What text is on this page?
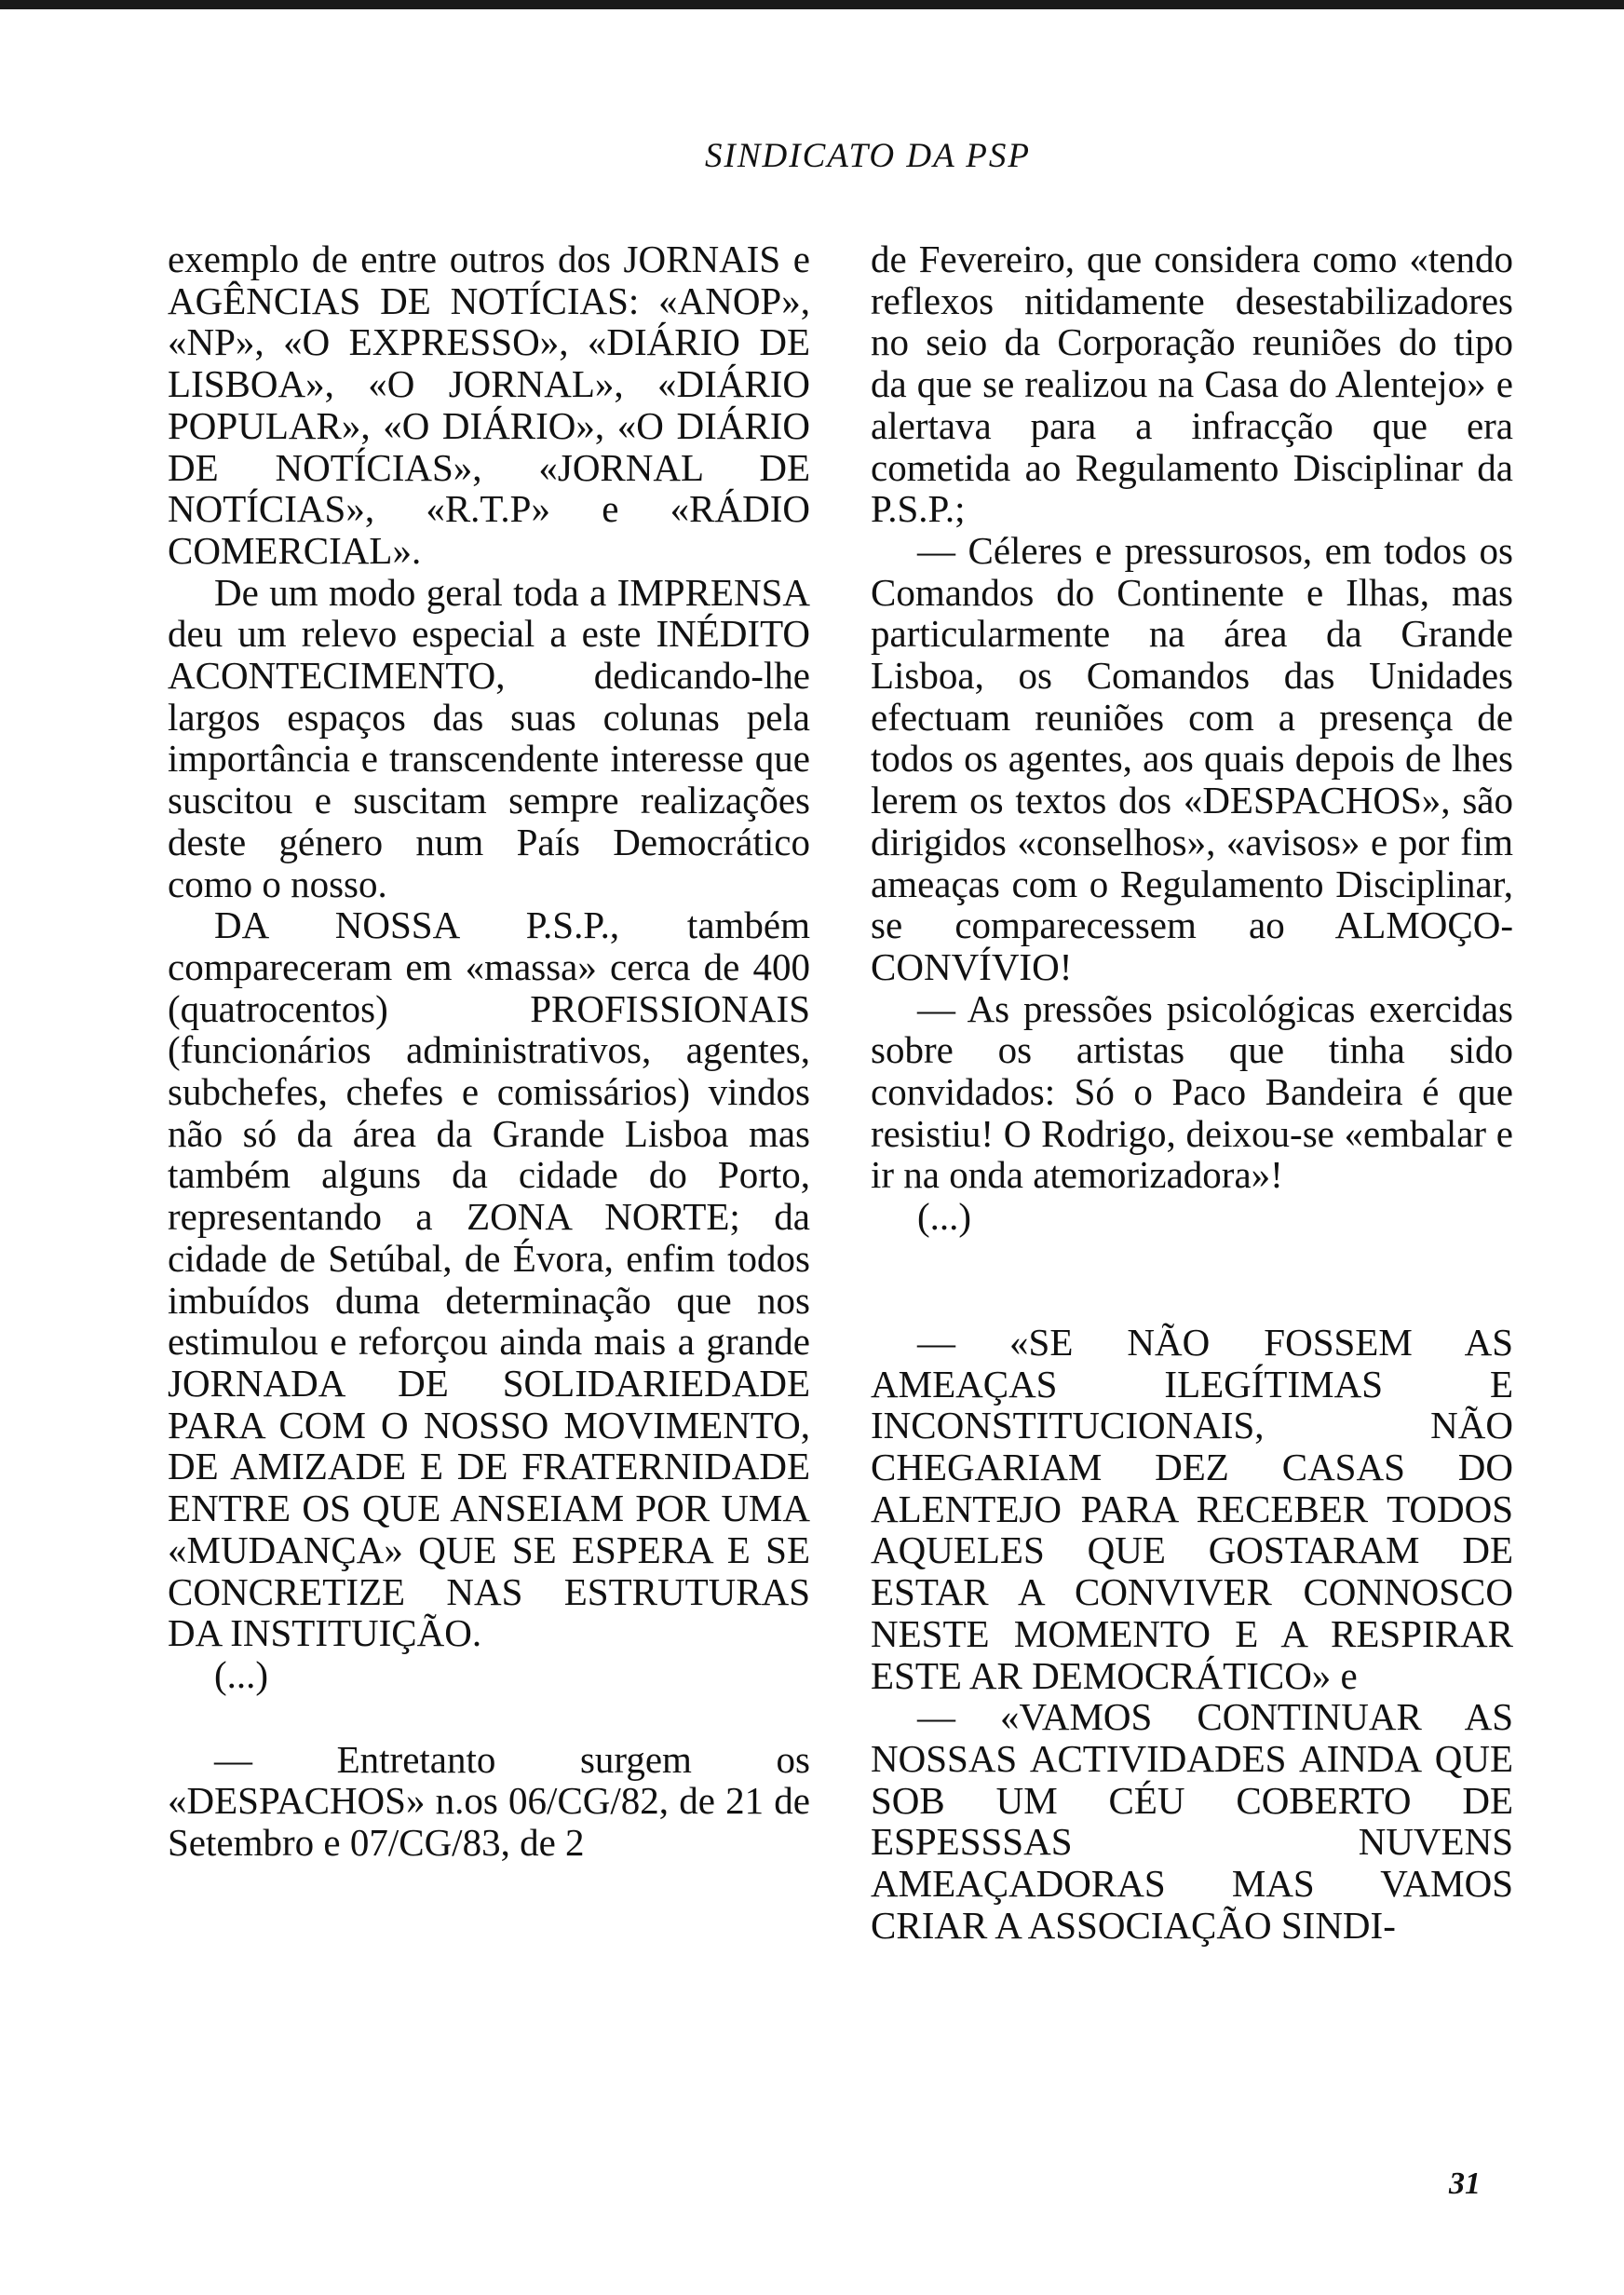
SINDICATO DA PSP

exemplo de entre outros dos JORNAIS e AGÊNCIAS DE NOTÍCIAS: «ANOP», «NP», «O EXPRESSO», «DIÁRIO DE LISBOA», «O JORNAL», «DIÁRIO POPULAR», «O DIÁRIO», «O DIÁRIO DE NOTÍCIAS», «JORNAL DE NOTÍCIAS», «R.T.P» e «RÁDIO COMERCIAL».

De um modo geral toda a IMPRENSA deu um relevo especial a este INÉDITO ACONTECIMENTO, dedicando-lhe largos espaços das suas colunas pela importância e transcendente interesse que suscitou e suscitam sempre realizações deste género num País Democrático como o nosso.

DA NOSSA P.S.P., também compareceram em «massa» cerca de 400 (quatrocentos) PROFISSIONAIS (funcionários administrativos, agentes, subchefes, chefes e comissários) vindos não só da área da Grande Lisboa mas também alguns da cidade do Porto, representando a ZONA NORTE; da cidade de Setúbal, de Évora, enfim todos imbuídos duma determinação que nos estimulou e reforçou ainda mais a grande JORNADA DE SOLIDARIEDADE PARA COM O NOSSO MOVIMENTO, DE AMIZADE E DE FRATERNIDADE ENTRE OS QUE ANSEIAM POR UMA «MUDANÇA» QUE SE ESPERA E SE CONCRETIZE NAS ESTRUTURAS DA INSTITUIÇÃO.

(...)

— Entretanto surgem os «DESPACHOS» n.os 06/CG/82, de 21 de Setembro e 07/CG/83, de 2

de Fevereiro, que considera como «tendo reflexos nitidamente desestabilizadores no seio da Corporação reuniões do tipo da que se realizou na Casa do Alentejo» e alertava para a infracção que era cometida ao Regulamento Disciplinar da P.S.P.;

— Céleres e pressurosos, em todos os Comandos do Continente e Ilhas, mas particularmente na área da Grande Lisboa, os Comandos das Unidades efectuam reuniões com a presença de todos os agentes, aos quais depois de lhes lerem os textos dos «DESPACHOS», são dirigidos «conselhos», «avisos» e por fim ameaças com o Regulamento Disciplinar, se comparecessem ao ALMOÇO-CONVÍVIO!

— As pressões psicológicas exercidas sobre os artistas que tinha sido convidados: Só o Paco Bandeira é que resistiu! O Rodrigo, deixou-se «embalar e ir na onda atemorizadora»!

(...)

— «SE NÃO FOSSEM AS AMEAÇAS ILEGÍTIMAS E INCONSTITUCIONAIS, NÃO CHEGARIAM DEZ CASAS DO ALENTEJO PARA RECEBER TODOS AQUELES QUE GOSTARAM DE ESTAR A CONVIVER CONNOSCO NESTE MOMENTO E A RESPIRAR ESTE AR DEMOCRÁTICO» e

— «VAMOS CONTINUAR AS NOSSAS ACTIVIDADES AINDA QUE SOB UM CÉU COBERTO DE ESPESSSAS NUVENS AMEAÇADORAS MAS VAMOS CRIAR A ASSOCIAÇÃO SINDI-

31
